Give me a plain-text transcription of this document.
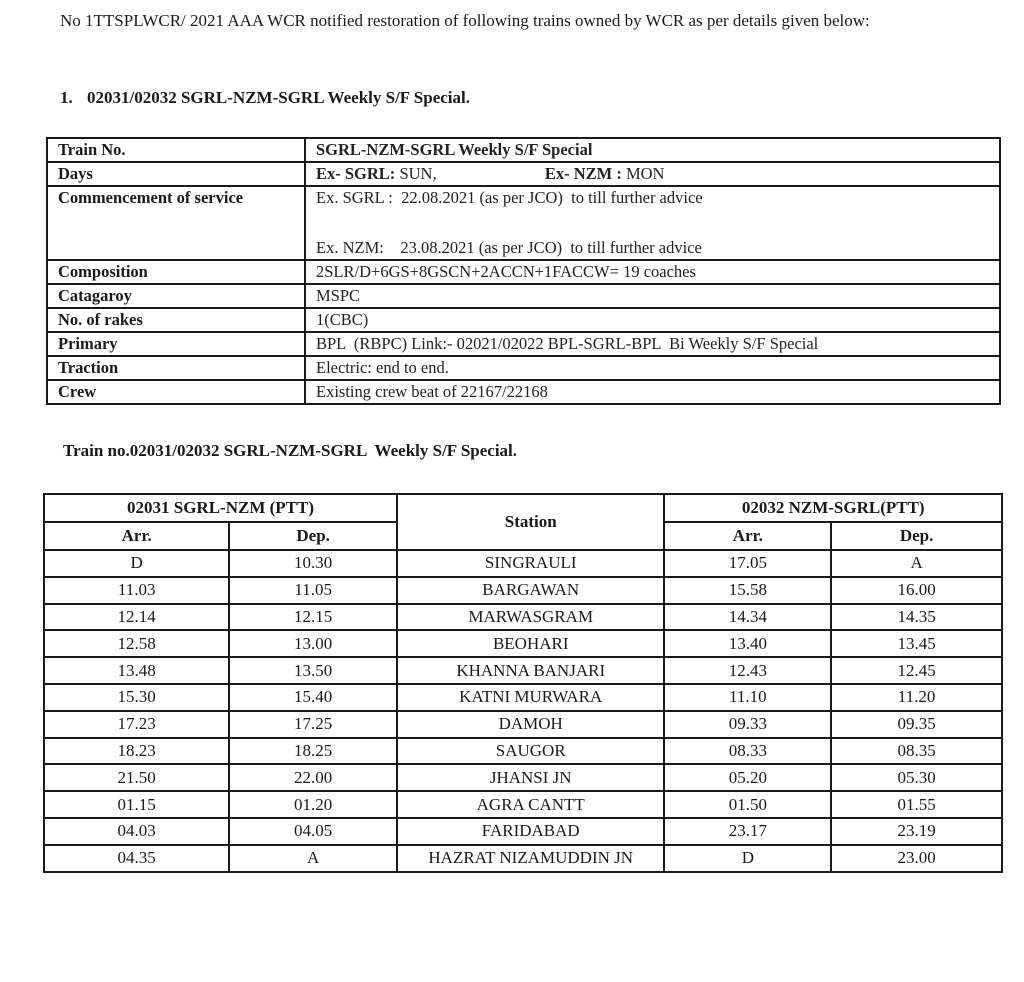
No 1TTSPLWCR/ 2021 AAA WCR notified restoration of following trains owned by WCR as per details given below:
1. 02031/02032 SGRL-NZM-SGRL Weekly S/F Special.
Train No.	SGRL-NZM-SGRL Weekly S/F Special
Days	Ex- SGRL: SUN, Ex- NZM : MON
Commencement of service	Ex. SGRL :  22.08.2021 (as per JCO)  to till further advice
Ex. NZM:    23.08.2021 (as per JCO)  to till further advice

Composition	2SLR/D+6GS+8GSCN+2ACCN+1FACCW= 19 coaches
Catagaroy	MSPC
No. of rakes	1(CBC)
Primary	BPL  (RBPC) Link:- 02021/02022 BPL-SGRL-BPL  Bi Weekly S/F Special
Traction	Electric: end to end.
Crew	Existing crew beat of 22167/22168
Train no.02031/02032 SGRL-NZM-SGRL  Weekly S/F Special.
02031 SGRL-NZM (PTT)		Station	02032 NZM-SGRL(PTT)	
Arr.	Dep.		Arr.	Dep.
D	10.30	SINGRAULI	17.05	A
11.03	11.05	BARGAWAN	15.58	16.00
12.14	12.15	MARWASGRAM	14.34	14.35
12.58	13.00	BEOHARI	13.40	13.45
13.48	13.50	KHANNA BANJARI	12.43	12.45
15.30	15.40	KATNI MURWARA	11.10	11.20
17.23	17.25	DAMOH	09.33	09.35
18.23	18.25	SAUGOR	08.33	08.35
21.50	22.00	JHANSI JN	05.20	05.30
01.15	01.20	AGRA CANTT	01.50	01.55
04.03	04.05	FARIDABAD	23.17	23.19
04.35	A	HAZRAT NIZAMUDDIN JN	D	23.00
